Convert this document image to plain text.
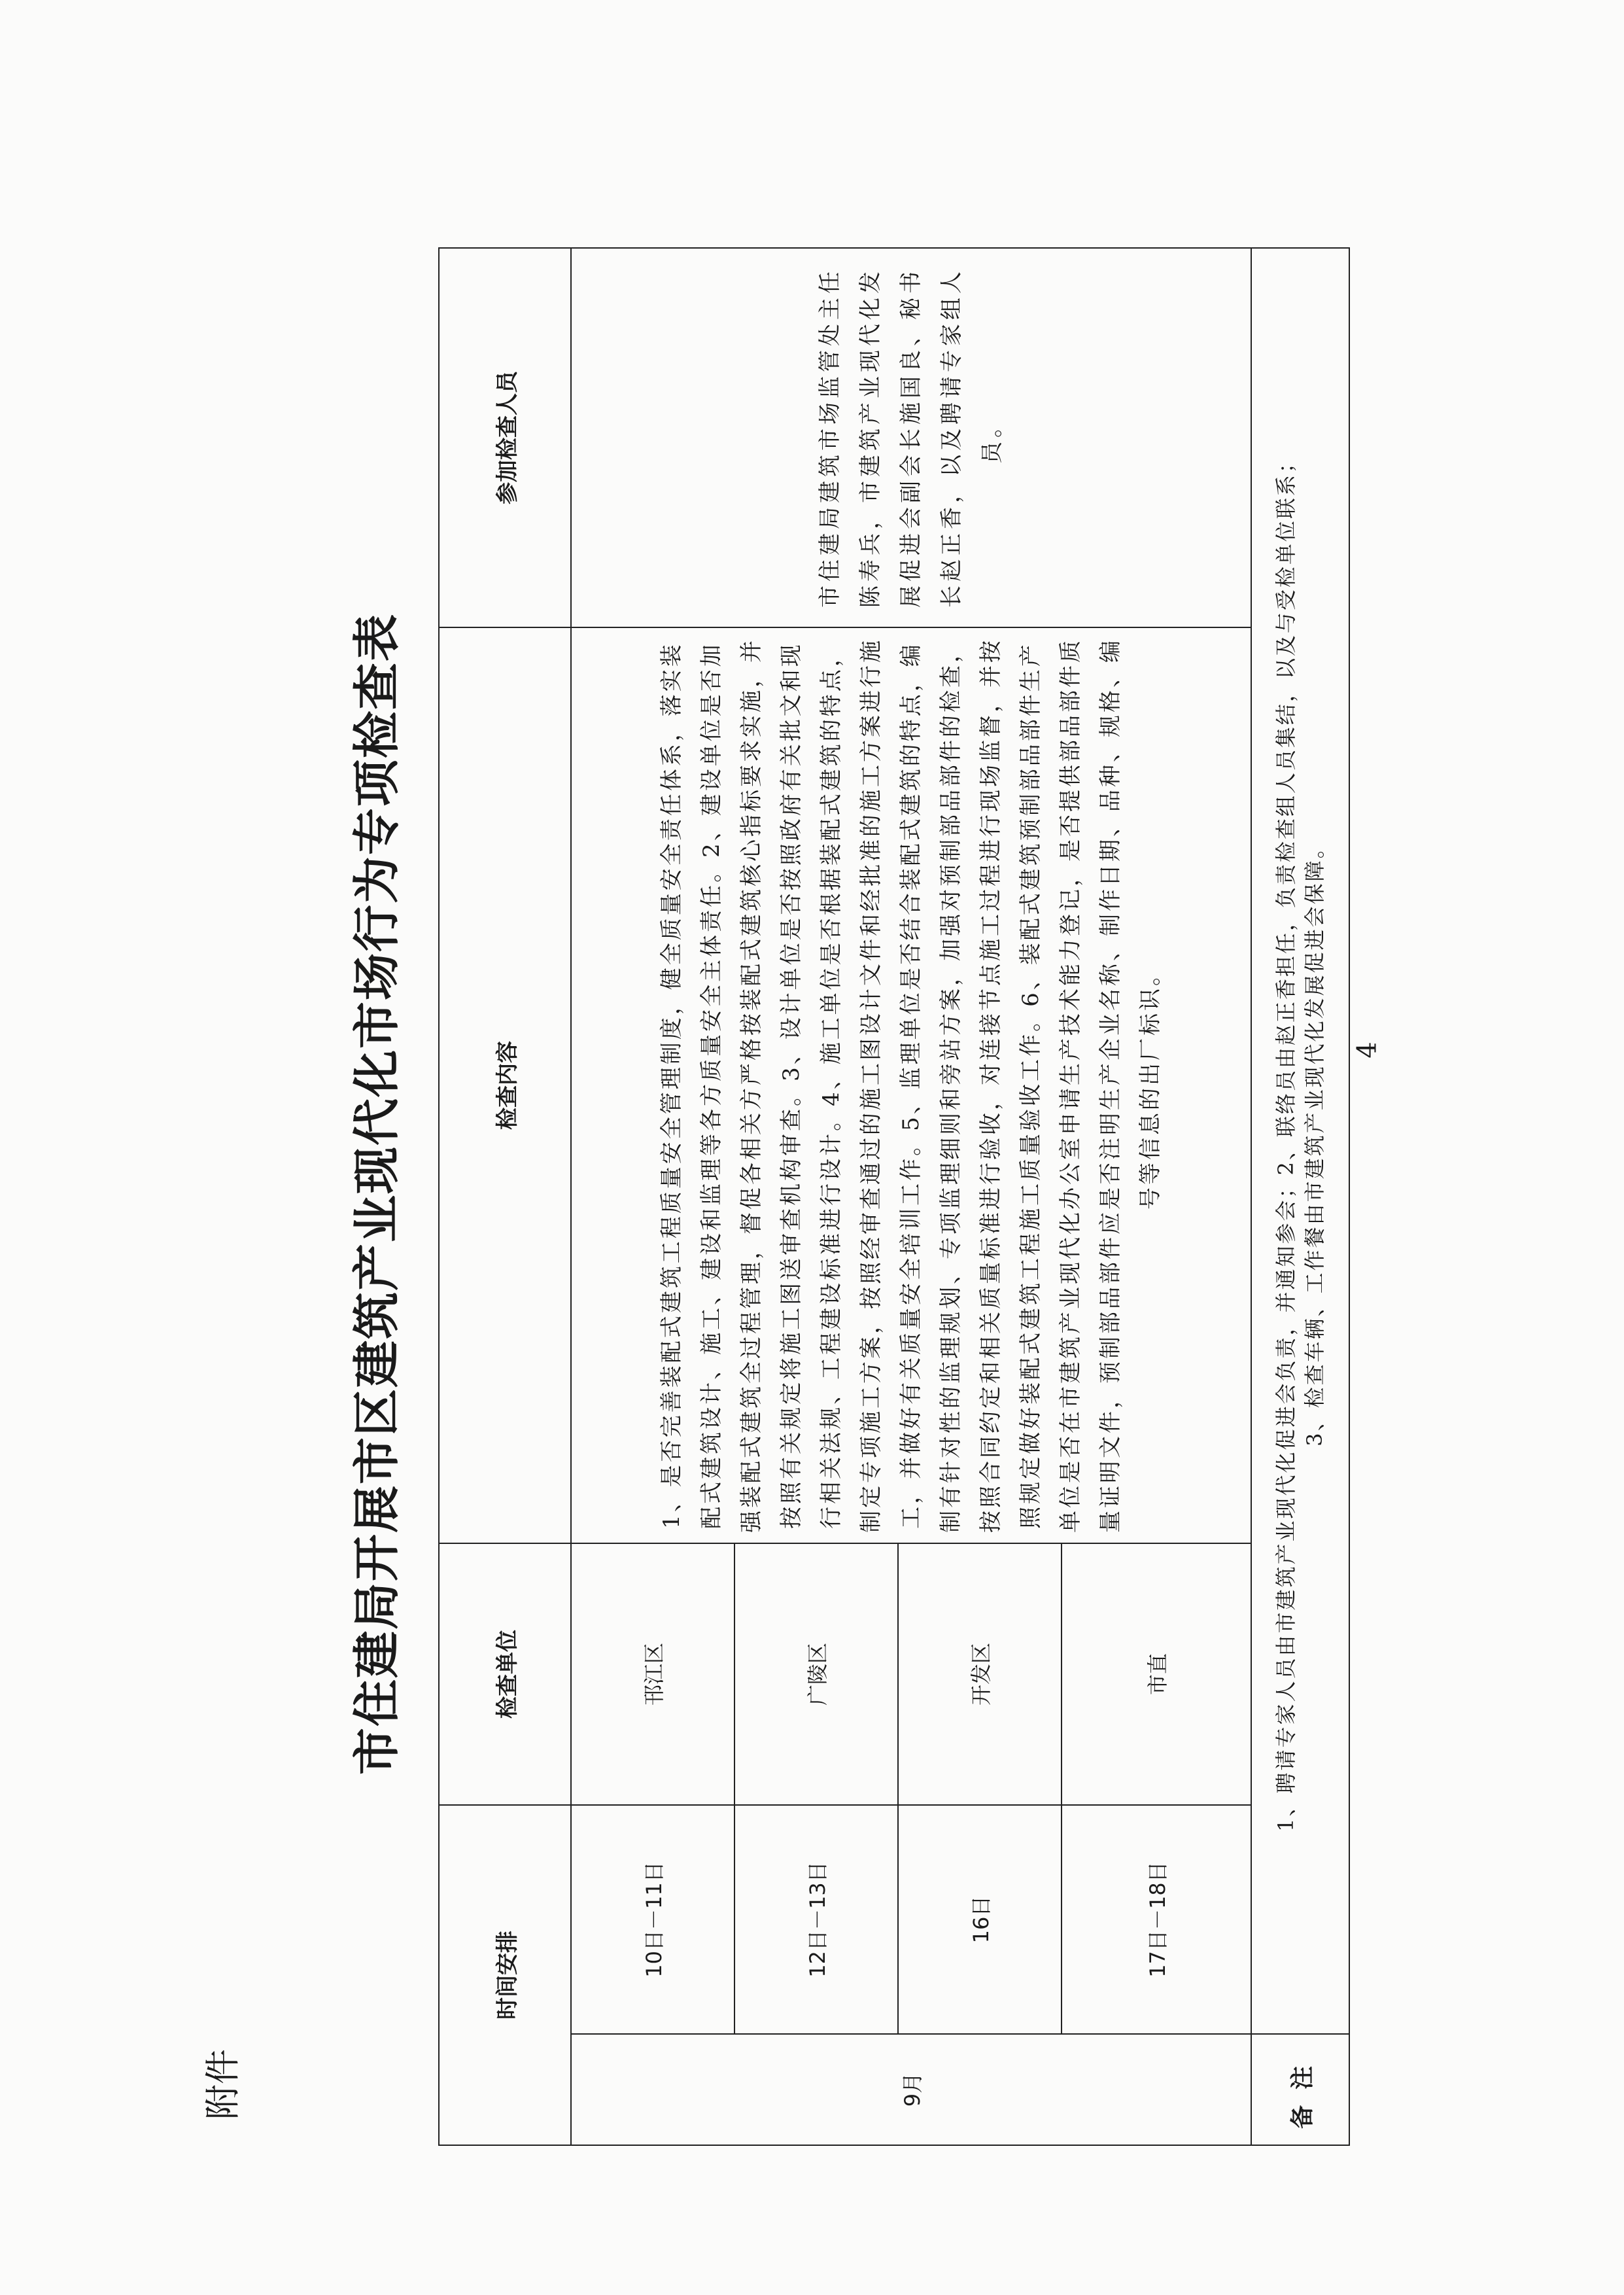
附件
市住建局开展市区建筑产业现代化市场行为专项检查表
时间安排		检查单位	检查内容	参加检查人员
9月	10日－11日	邗江区	1、是否完善装配式建筑工程质量安全管理制度，健全质量安全责任体系，落实装配式建筑设计、施工、建设和监理等各方质量安全主体责任。2、建设单位是否加强装配式建筑全过程管理，督促各相关方严格按装配式建筑核心指标要求实施，并按照有关规定将施工图送审查机构审查。3、设计单位是否按照政府有关批文和现行相关法规、工程建设标准进行设计。4、施工单位是否根据装配式建筑的特点，制定专项施工方案，按照经审查通过的施工图设计文件和经批准的施工方案进行施工，并做好有关质量安全培训工作。5、监理单位是否结合装配式建筑的特点，编制有针对性的监理规划、专项监理细则和旁站方案，加强对预制部品部件的检查，按照合同约定和相关质量标准进行验收，对连接节点施工过程进行现场监督，并按照规定做好装配式建筑工程施工质量验收工作。6、装配式建筑预制部品部件生产单位是否在市建筑产业现代化办公室申请生产技术能力登记，是否提供部品部件质量证明文件，预制部品部件应是否注明生产企业名称、制作日期、品种、规格、编号等信息的出厂标识。	市住建局建筑市场监管处主任陈寿兵，市建筑产业现代化发展促进会副会长施国良、秘书长赵正香，以及聘请专家组人员。
	12日－13日	广陵区		
	16日	开发区		
	17日－18日	市直		
备注	1、聘请专家人员由市建筑产业现代化促进会负责，并通知参会；2、联络员由赵正香担任，负责检查组人员集结，以及与受检单位联系； 3、检查车辆、工作餐由市建筑产业现代化发展促进会保障。			4
